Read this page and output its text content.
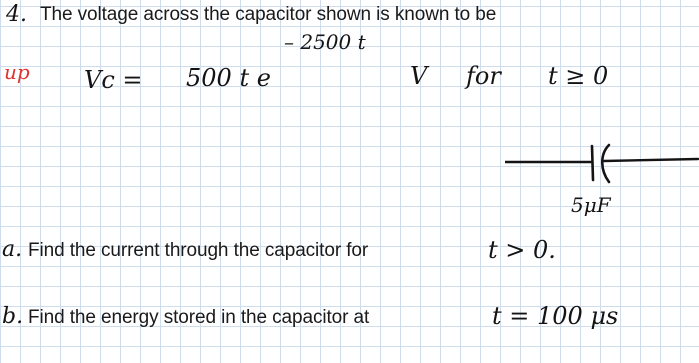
4. The voltage across the capacitor shown is known to be
up Vc = 500 t e
– 2500 t
V for t ≥ 0
5μF
a. Find the current through the capacitor for	t > 0.
b. Find the energy stored in the capacitor at	t = 100 μs
